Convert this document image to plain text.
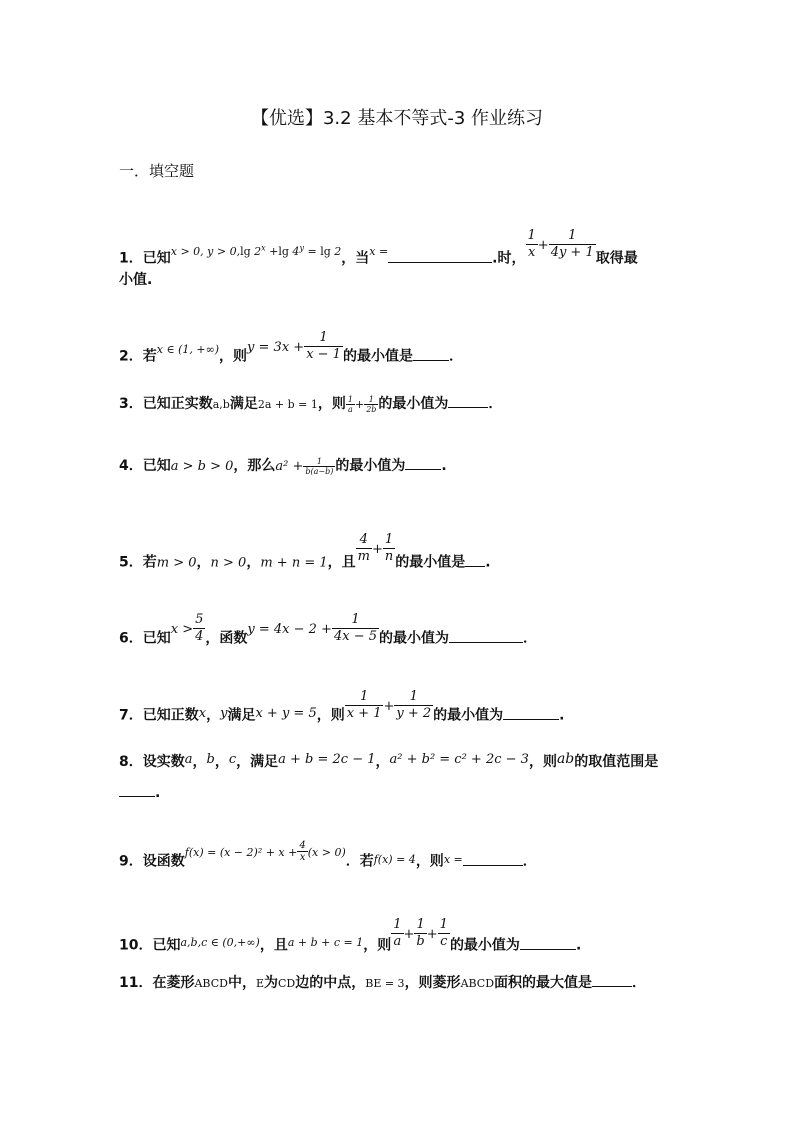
【优选】3.2 基本不等式-3 作业练习
一．填空题
1．已知$^{x > 0, y > 0,lg 2^x +lg 4^y = lg 2}$，当$^{x =}$	.时， $\frac{1}{x} + \frac{1}{4y + 1}$ 取得最
小值.
2．若$^{x \in (1, +\infty)}$，则$y = 3x + \frac{1}{x - 1}$ 的最小值是	．
3．已知正实数a,b满足2a + b = 1，则 $\frac{1}{a} + \frac{1}{2b}$ 的最小值为	．
4．已知a > b > 0，那么$a^2 + \frac{1}{b(a-b)}$ 的最小值为	.
5．若m > 0，n > 0，m + n = 1，且 $\frac{4}{m} + \frac{1}{n}$ 的最小值是 .
6．已知$x > \frac{5}{4}$ ，函数$y = 4x - 2 + \frac{1}{4x - 5}$ 的最小值为	．
7．已知正数x，y满足x + y = 5，则 $\frac{1}{x + 1} + \frac{1}{y + 2}$ 的最小值为	.
8．设实数a，b，c，满足a + b = 2c − 1，a² + b² = c² + 2c − 3，则ab的取值范围是
.
9．设函数$^{f(x) = (x - 2)^2 + x +} \frac{4}{x} ^{(x > 0)}$．若$^{f(x) = 4}$，则$^{x =}$	．
10．已知$^{a,b,c \in (0,+\infty)}$，且$^{a + b + c = 1}$，则 $\frac{1}{a} + \frac{1}{b} + \frac{1}{c}$ 的最小值为	.
11．在菱形ABCD中，E为CD边的中点，BE = 3，则菱形ABCD面积的最大值是	．
